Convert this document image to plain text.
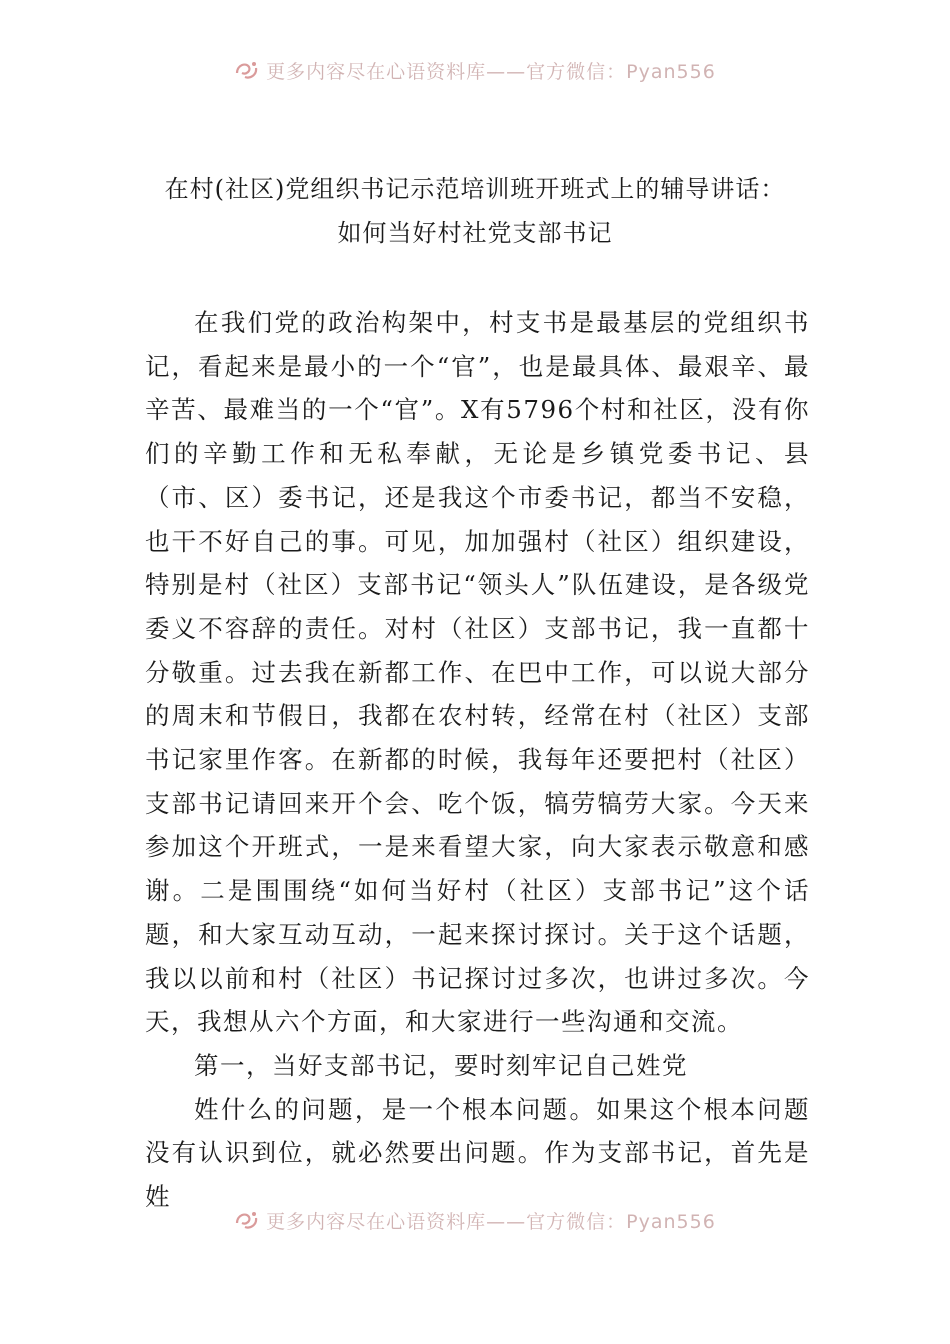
更多内容尽在心语资料库——官方微信：Pyan556
在村(社区)党组织书记示范培训班开班式上的辅导讲话：
如何当好村社党支部书记

在我们党的政治构架中，村支书是最基层的党组织书记，看起来是最小的一个“官”，也是最具体、最艰辛、最辛苦、最难当的一个“官”。X有5796个村和社区，没有你们的辛勤工作和无私奉献，无论是乡镇党委书记、县（市、区）委书记，还是我这个市委书记，都当不安稳，也干不好自己的事。可见，加加强村（社区）组织建设，特别是村（社区）支部书记“领头人”队伍建设，是各级党委义不容辞的责任。对村（社区）支部书记，我一直都十分敬重。过去我在新都工作、在巴中工作，可以说大部分的周末和节假日，我都在农村转，经常在村（社区）支部书记家里作客。在新都的时候，我每年还要把村（社区）支部书记请回来开个会、吃个饭，犒劳犒劳大家。今天来参加这个开班式，一是来看望大家，向大家表示敬意和感谢。二是围围绕“如何当好村（社区）支部书记”这个话题，和大家互动互动，一起来探讨探讨。关于这个话题，我以以前和村（社区）书记探讨过多次，也讲过多次。今天，我想从六个方面，和大家进行一些沟通和交流。

第一，当好支部书记，要时刻牢记自己姓党

姓什么的问题，是一个根本问题。如果这个根本问题没有认识到位，就必然要出问题。作为支部书记，首先是姓

更多内容尽在心语资料库——官方微信：Pyan556
